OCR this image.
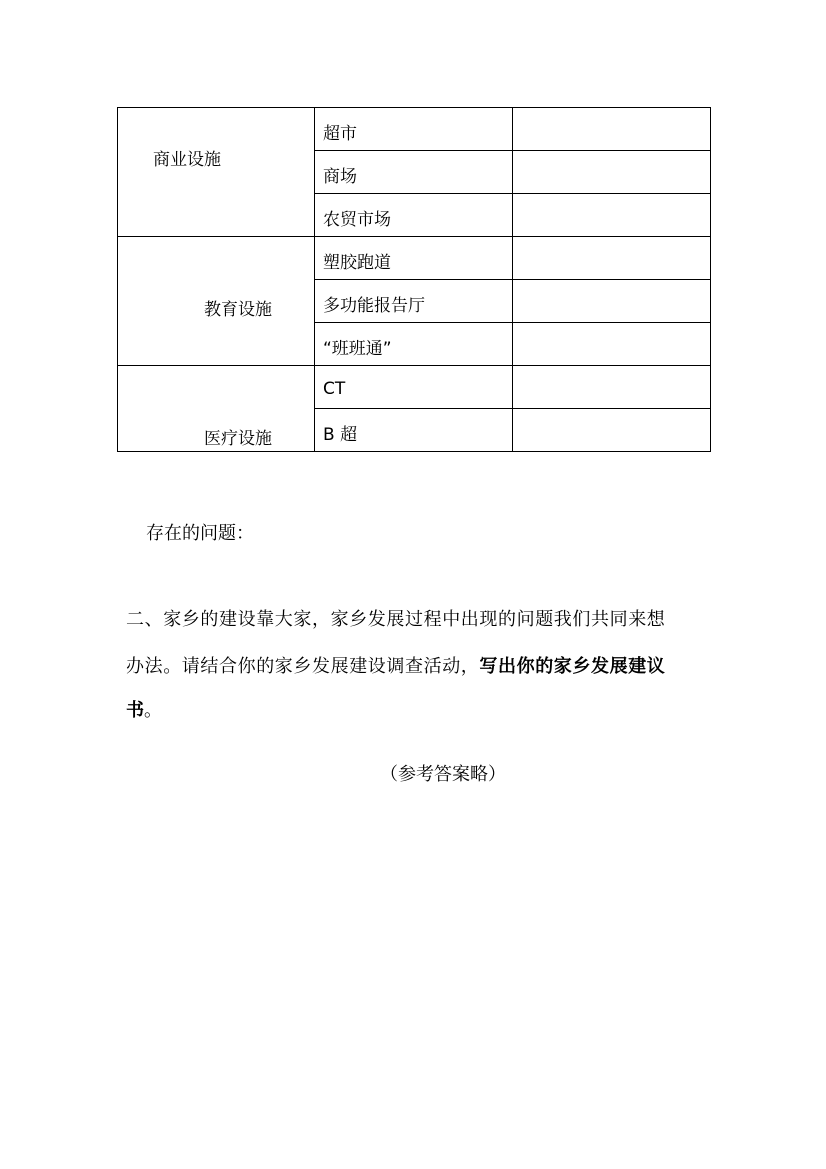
商业设施	超市	
	商场	
	农贸市场	

教育设施	塑胶跑道	
	多功能报告厅	
	“班班通”	

医疗设施	CT	
	B 超	
存在的问题：
二、家乡的建设靠大家，家乡发展过程中出现的问题我们共同来想
办法。请结合你的家乡发展建设调查活动，写出你的家乡发展建议
书。
（参考答案略）
